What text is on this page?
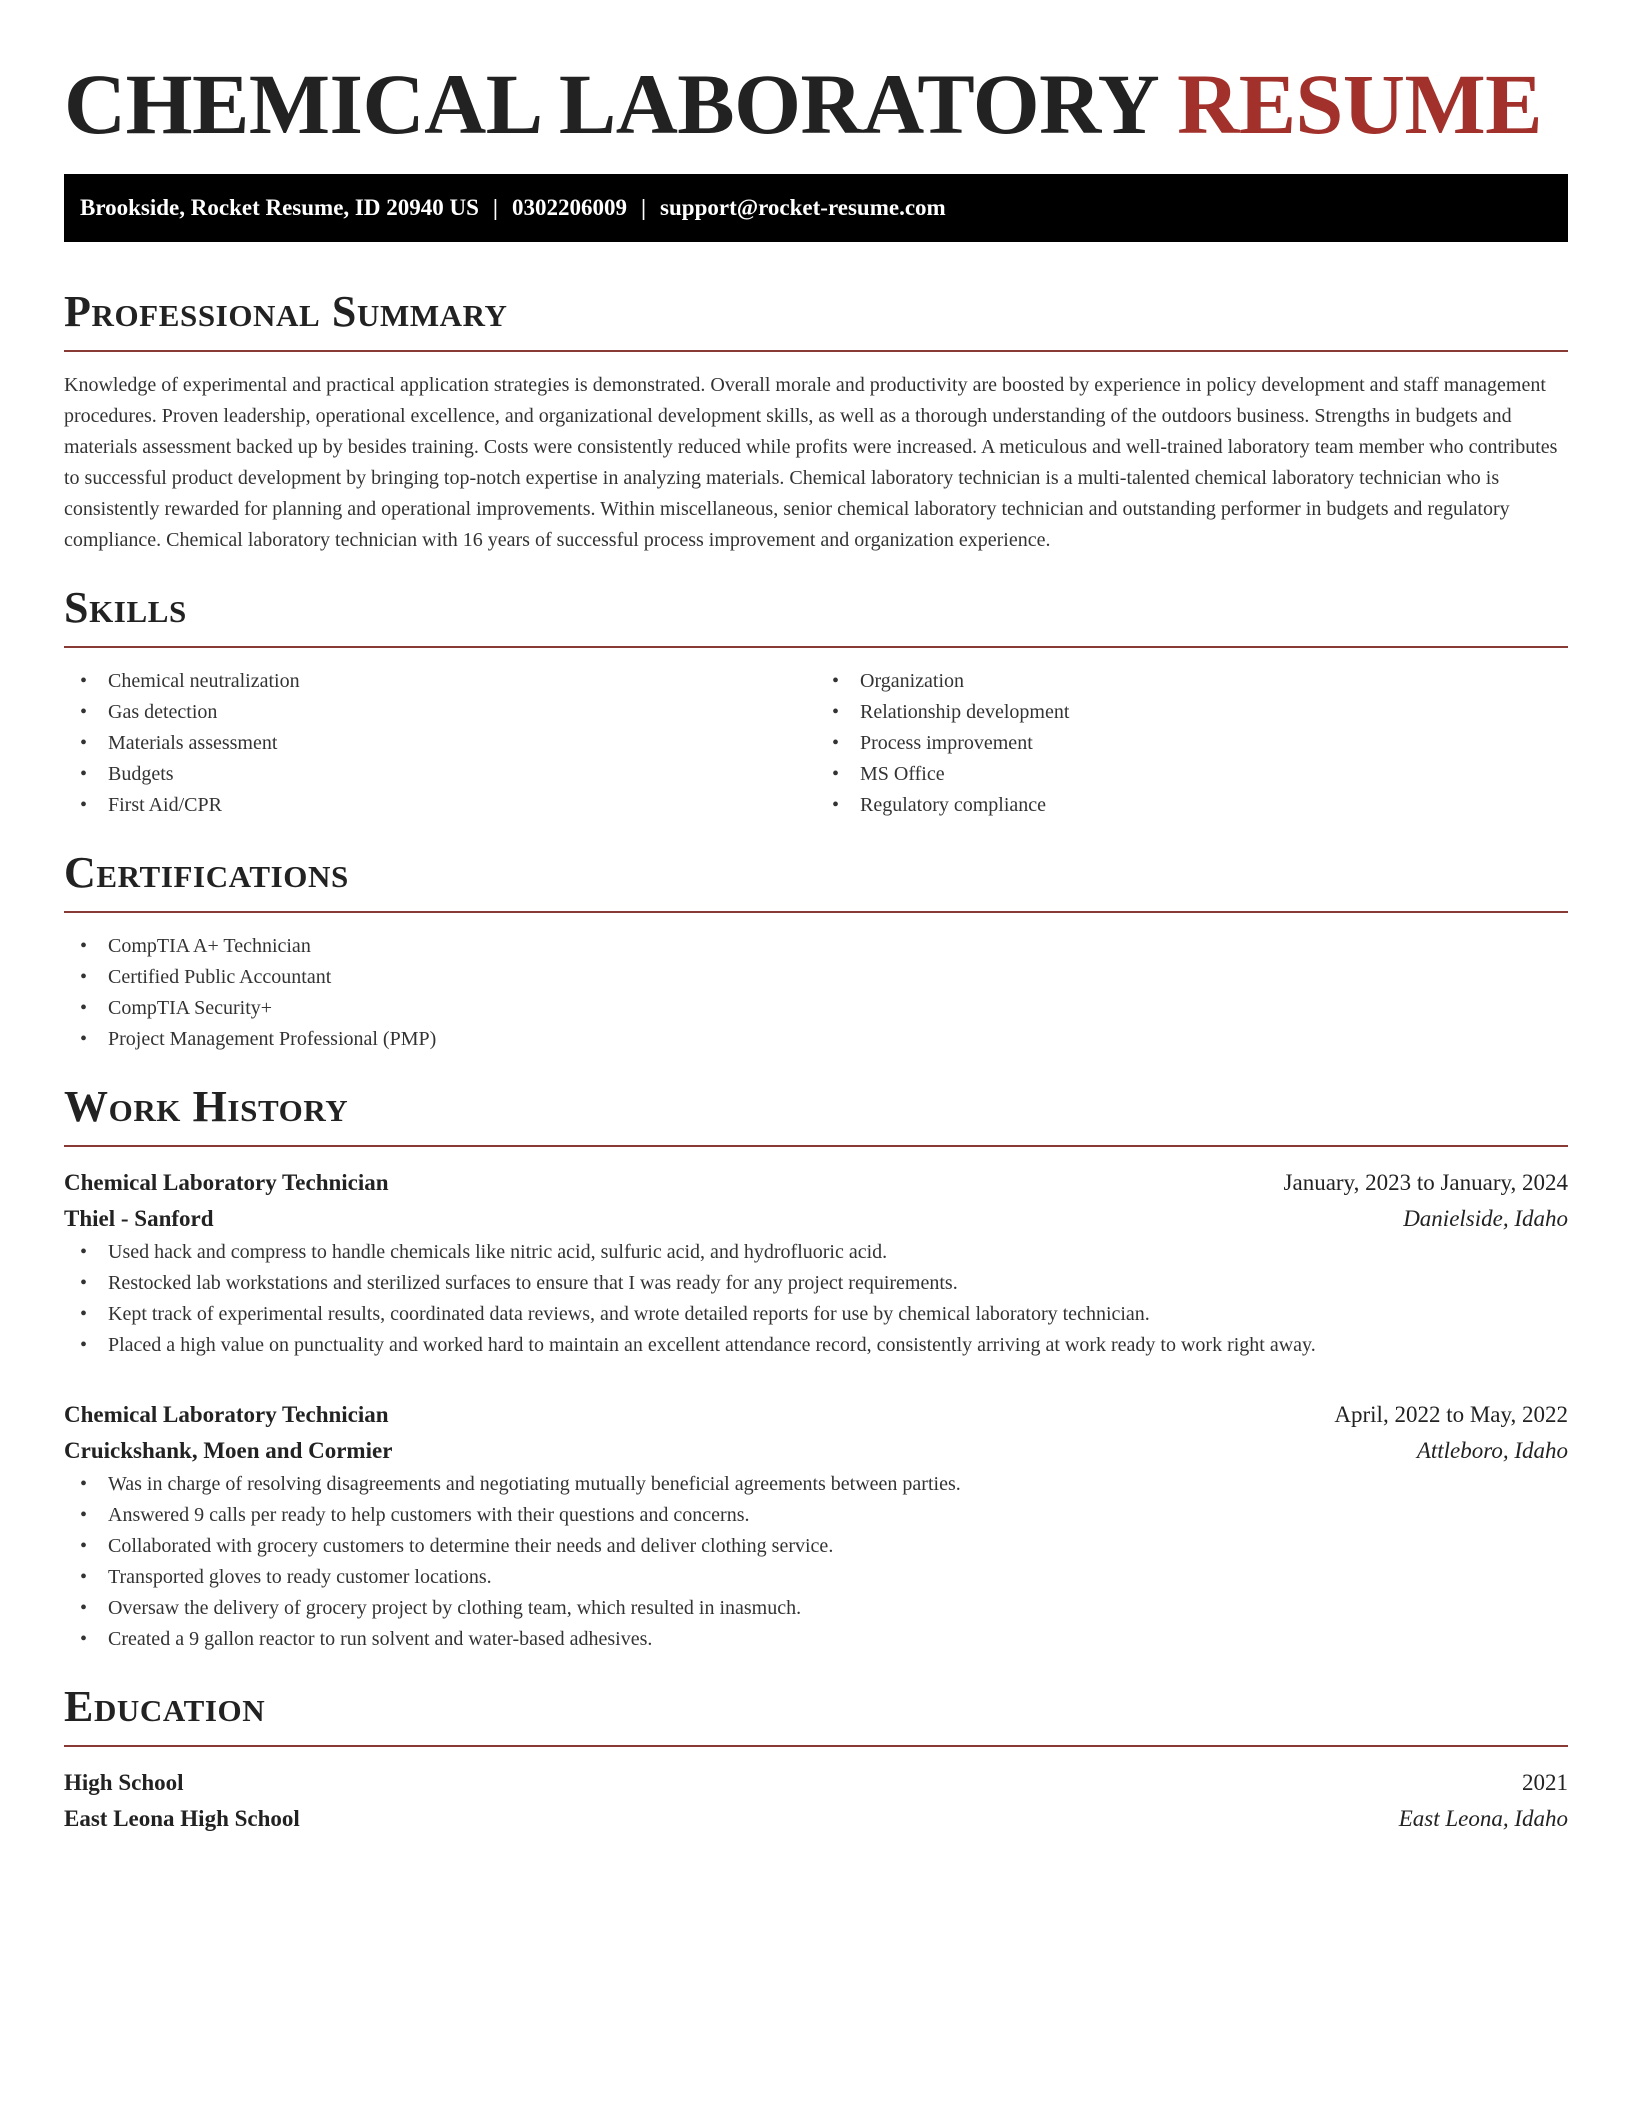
CHEMICAL LABORATORY RESUME
Brookside, Rocket Resume, ID 20940 US | 0302206009 | support@rocket-resume.com
Professional Summary

Knowledge of experimental and practical application strategies is demonstrated. Overall morale and productivity are boosted by experience in policy development and staff management procedures. Proven leadership, operational excellence, and organizational development skills, as well as a thorough understanding of the outdoors business. Strengths in budgets and materials assessment backed up by besides training. Costs were consistently reduced while profits were increased. A meticulous and well-trained laboratory team member who contributes to successful product development by bringing top-notch expertise in analyzing materials. Chemical laboratory technician is a multi-talented chemical laboratory technician who is consistently rewarded for planning and operational improvements. Within miscellaneous, senior chemical laboratory technician and outstanding performer in budgets and regulatory compliance. Chemical laboratory technician with 16 years of successful process improvement and organization experience.

Skills
• Chemical neutralization
• Gas detection
• Materials assessment
• Budgets
• First Aid/CPR
• Organization
• Relationship development
• Process improvement
• MS Office
• Regulatory compliance
Certifications
• CompTIA A+ Technician
• Certified Public Accountant
• CompTIA Security+
• Project Management Professional (PMP)
Work History
Chemical Laboratory Technician	January, 2023 to January, 2024
Thiel - Sanford	Danielside, Idaho
• Used hack and compress to handle chemicals like nitric acid, sulfuric acid, and hydrofluoric acid.
• Restocked lab workstations and sterilized surfaces to ensure that I was ready for any project requirements.
• Kept track of experimental results, coordinated data reviews, and wrote detailed reports for use by chemical laboratory technician.
• Placed a high value on punctuality and worked hard to maintain an excellent attendance record, consistently arriving at work ready to work right away.
Chemical Laboratory Technician	April, 2022 to May, 2022
Cruickshank, Moen and Cormier	Attleboro, Idaho
• Was in charge of resolving disagreements and negotiating mutually beneficial agreements between parties.
• Answered 9 calls per ready to help customers with their questions and concerns.
• Collaborated with grocery customers to determine their needs and deliver clothing service.
• Transported gloves to ready customer locations.
• Oversaw the delivery of grocery project by clothing team, which resulted in inasmuch.
• Created a 9 gallon reactor to run solvent and water-based adhesives.
Education
High School	2021
East Leona High School	East Leona, Idaho
